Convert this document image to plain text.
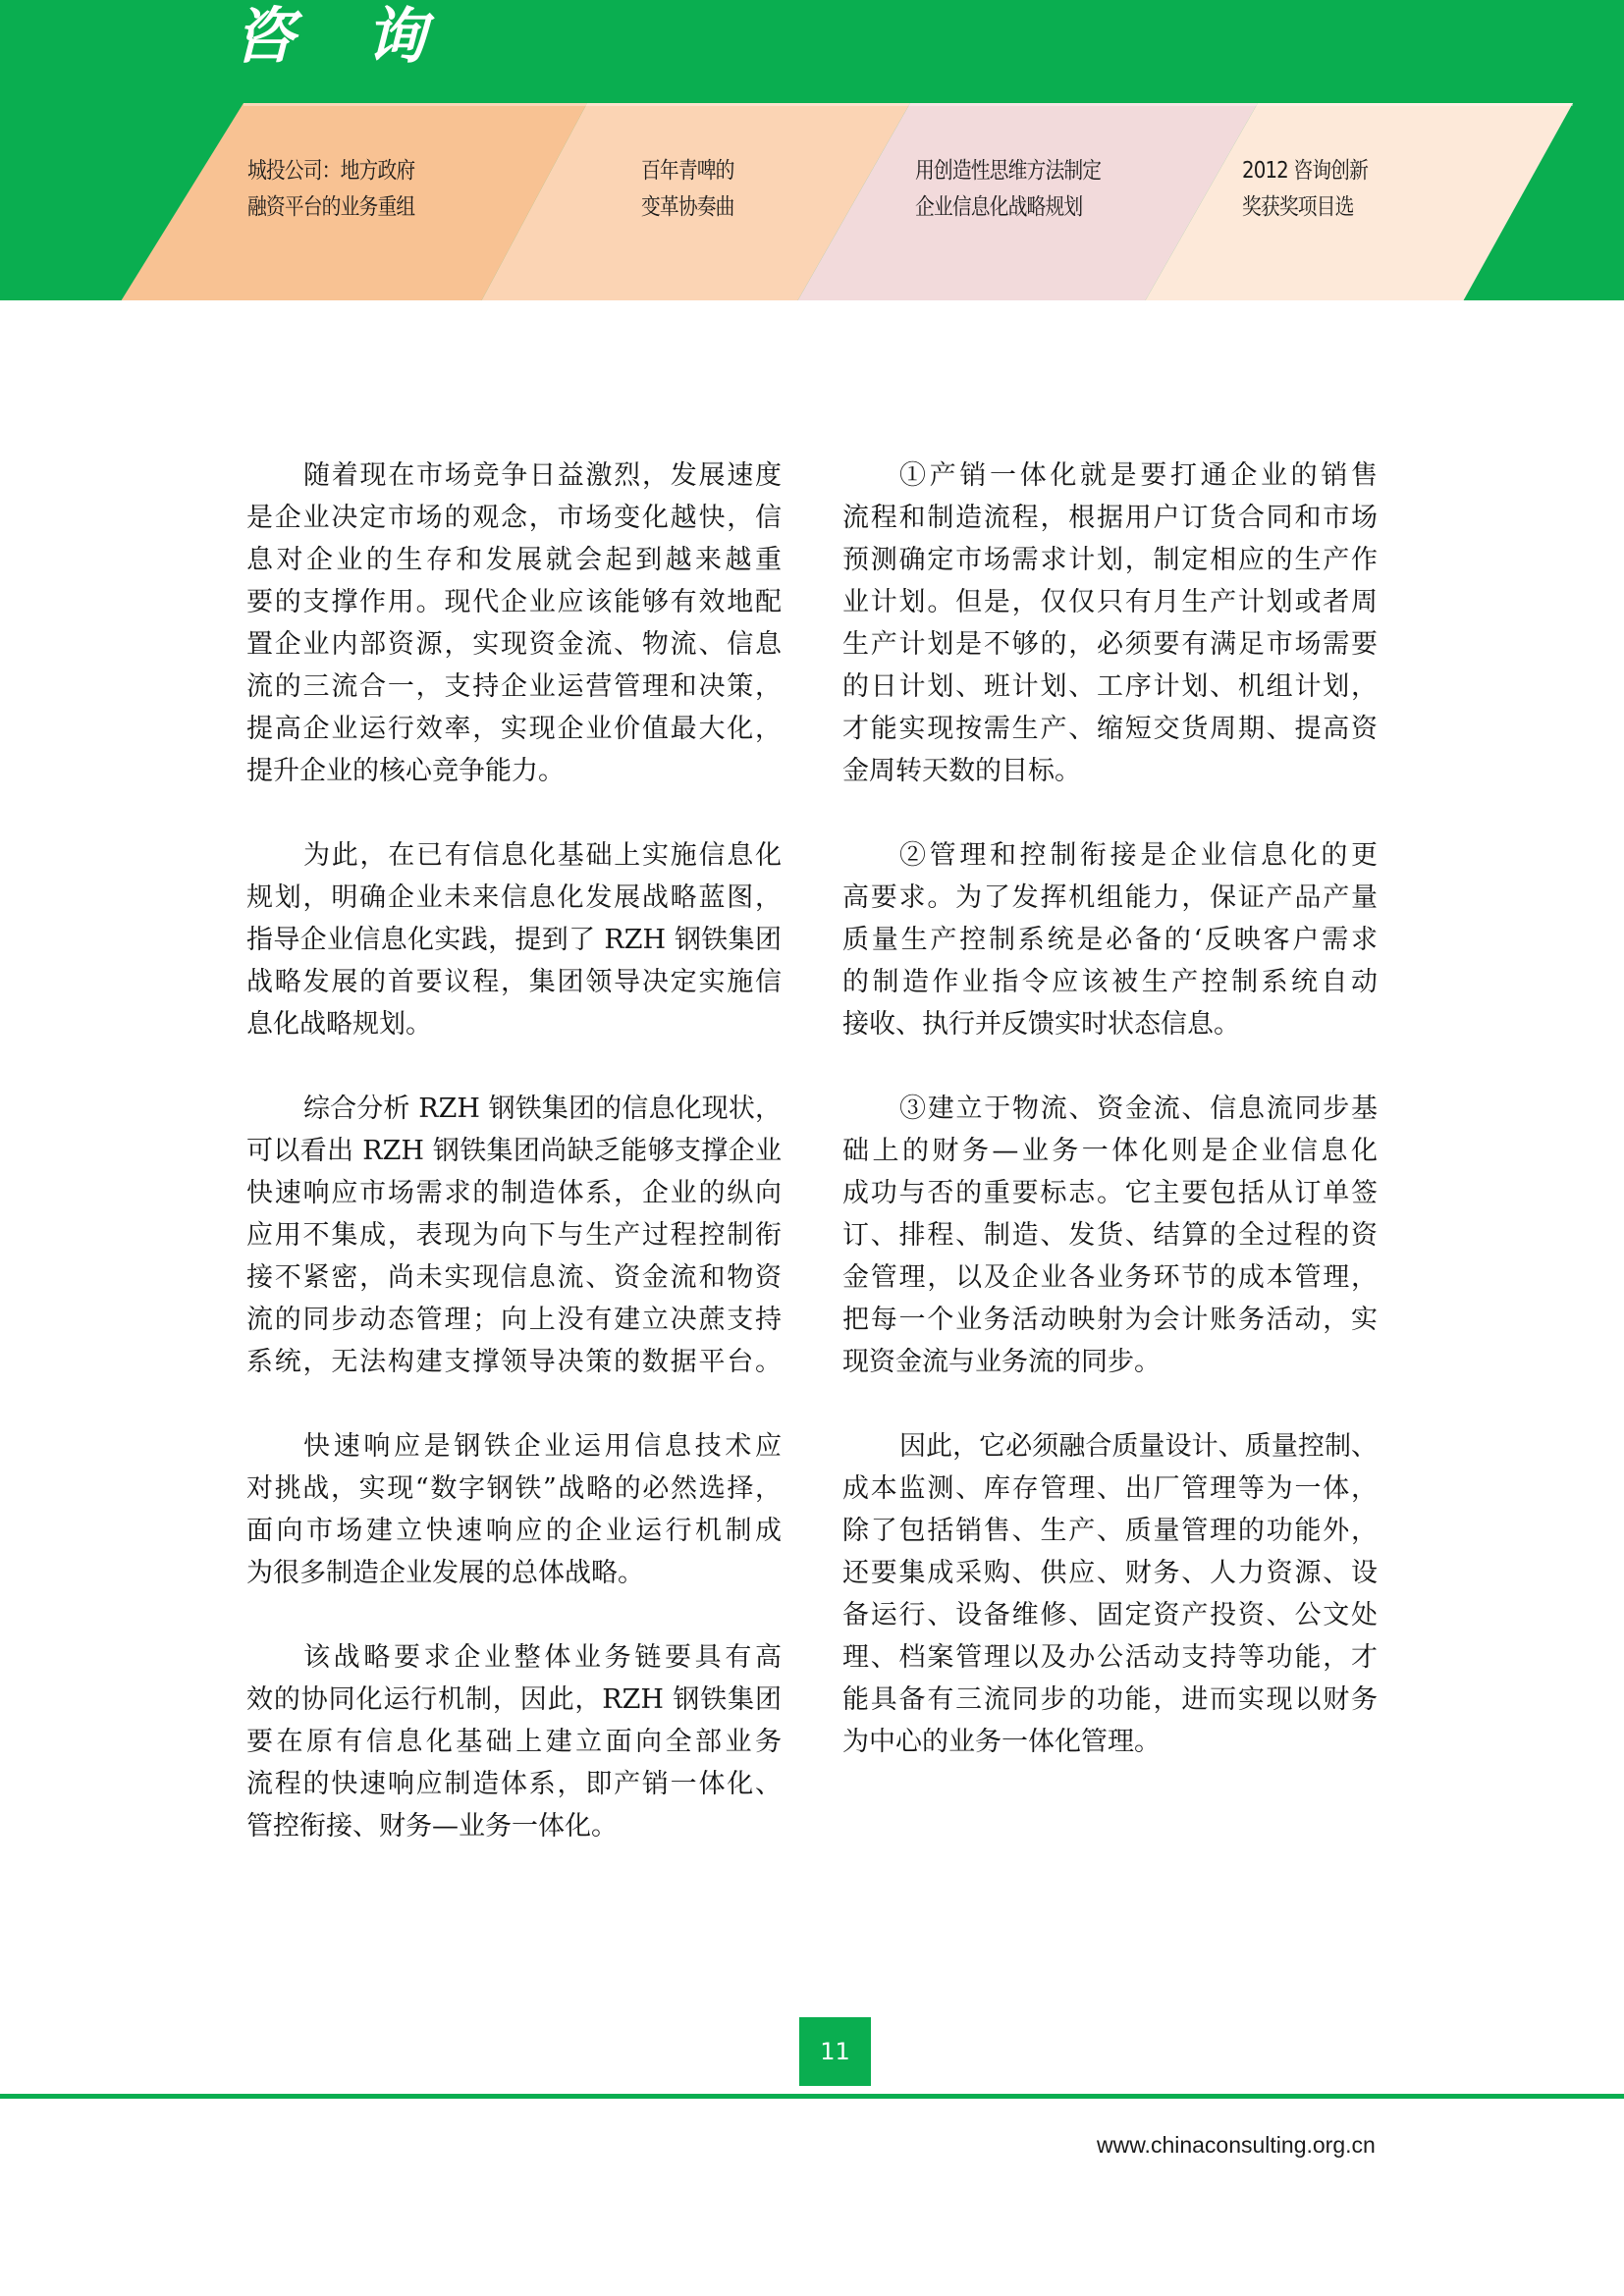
咨 询
城投公司：地方政府
融资平台的业务重组
百年青啤的
变革协奏曲
用创造性思维方法制定
企业信息化战略规划
2012 咨询创新
奖获奖项目选
随着现在市场竞争日益激烈，发展速度
是企业决定市场的观念，市场变化越快，信
息对企业的生存和发展就会起到越来越重
要的支撑作用。现代企业应该能够有效地配
置企业内部资源，实现资金流、物流、信息
流的三流合一，支持企业运营管理和决策，
提高企业运行效率，实现企业价值最大化，
提升企业的核心竞争能力。
为此，在已有信息化基础上实施信息化
规划，明确企业未来信息化发展战略蓝图，
指导企业信息化实践，提到了 RZH 钢铁集团
战略发展的首要议程，集团领导决定实施信
息化战略规划。
综合分析 RZH 钢铁集团的信息化现状，
可以看出 RZH 钢铁集团尚缺乏能够支撑企业
快速响应市场需求的制造体系，企业的纵向
应用不集成，表现为向下与生产过程控制衔
接不紧密，尚未实现信息流、资金流和物资
流的同步动态管理；向上没有建立决蔗支持
系统，无法构建支撑领导决策的数据平台。
快速响应是钢铁企业运用信息技术应
对挑战，实现“数字钢铁”战略的必然选择，
面向市场建立快速响应的企业运行机制成
为很多制造企业发展的总体战略。
该战略要求企业整体业务链要具有高
效的协同化运行机制，因此，RZH 钢铁集团
要在原有信息化基础上建立面向全部业务
流程的快速响应制造体系，即产销一体化、
管控衔接、财务—业务一体化。
①产销一体化就是要打通企业的销售
流程和制造流程，根据用户订货合同和市场
预测确定市场需求计划，制定相应的生产作
业计划。但是，仅仅只有月生产计划或者周
生产计划是不够的，必须要有满足市场需要
的日计划、班计划、工序计划、机组计划，
才能实现按需生产、缩短交货周期、提高资
金周转天数的目标。
②管理和控制衔接是企业信息化的更
高要求。为了发挥机组能力，保证产品产量
质量生产控制系统是必备的‘反映客户需求
的制造作业指令应该被生产控制系统自动
接收、执行并反馈实时状态信息。
③建立于物流、资金流、信息流同步基
础上的财务—业务一体化则是企业信息化
成功与否的重要标志。它主要包括从订单签
订、排程、制造、发货、结算的全过程的资
金管理，以及企业各业务环节的成本管理，
把每一个业务活动映射为会计账务活动，实
现资金流与业务流的同步。
因此，它必须融合质量设计、质量控制、
成本监测、库存管理、出厂管理等为一体，
除了包括销售、生产、质量管理的功能外，
还要集成采购、供应、财务、人力资源、设
备运行、设备维修、固定资产投资、公文处
理、档案管理以及办公活动支持等功能，才
能具备有三流同步的功能，进而实现以财务
为中心的业务一体化管理。
11
www.chinaconsulting.org.cn
